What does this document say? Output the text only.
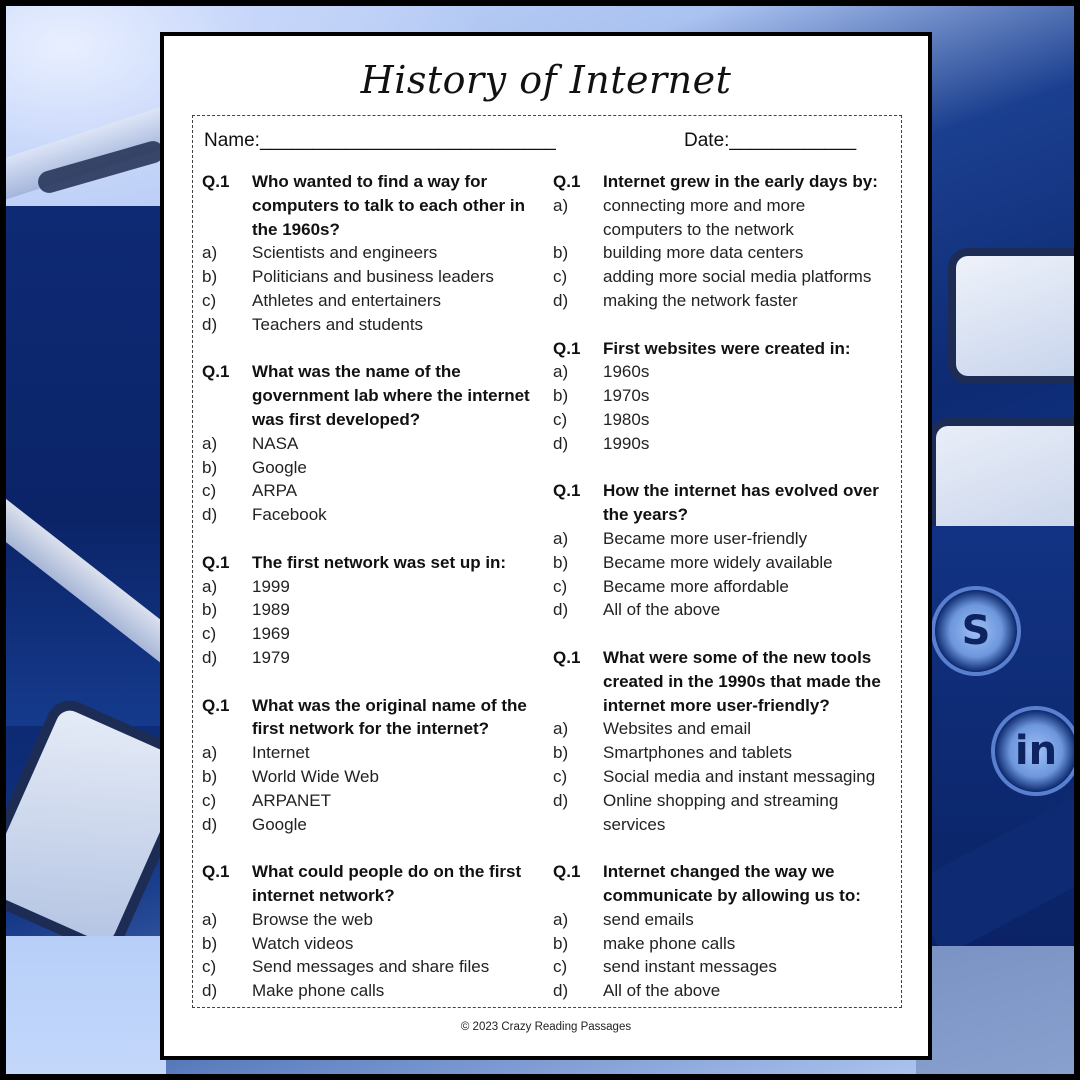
S
in
History of Internet
Name:____________________________	Date:____________
Q.1	Who wanted to find a way for
computers to talk to each other in
the 1960s?
a)	Scientists and engineers
b)	Politicians and business leaders
c)	Athletes and entertainers
d)	Teachers and students
Q.1	What was the name of the
government lab where the internet
was first developed?
a)	NASA
b)	Google
c)	ARPA
d)	Facebook
Q.1	The first network was set up in:
a)	1999
b)	1989
c)	1969
d)	1979
Q.1	What was the original name of the
first network for the internet?
a)	Internet
b)	World Wide Web
c)	ARPANET
d)	Google
Q.1	What could people do on the first
internet network?
a)	Browse the web
b)	Watch videos
c)	Send messages and share files
d)	Make phone calls
Q.1	Internet grew in the early days by:
a)	connecting more and more
computers to the network
b)	building more data centers
c)	adding more social media platforms
d)	making the network faster
Q.1	First websites were created in:
a)	1960s
b)	1970s
c)	1980s
d)	1990s
Q.1	How the internet has evolved over
the years?
a)	Became more user-friendly
b)	Became more widely available
c)	Became more affordable
d)	All of the above
Q.1	What were some of the new tools
created in the 1990s that made the
internet more user-friendly?
a)	Websites and email
b)	Smartphones and tablets
c)	Social media and instant messaging
d)	Online shopping and streaming
services
Q.1	Internet changed the way we
communicate by allowing us to:
a)	send emails
b)	make phone calls
c)	send instant messages
d)	All of the above
© 2023 Crazy Reading Passages
